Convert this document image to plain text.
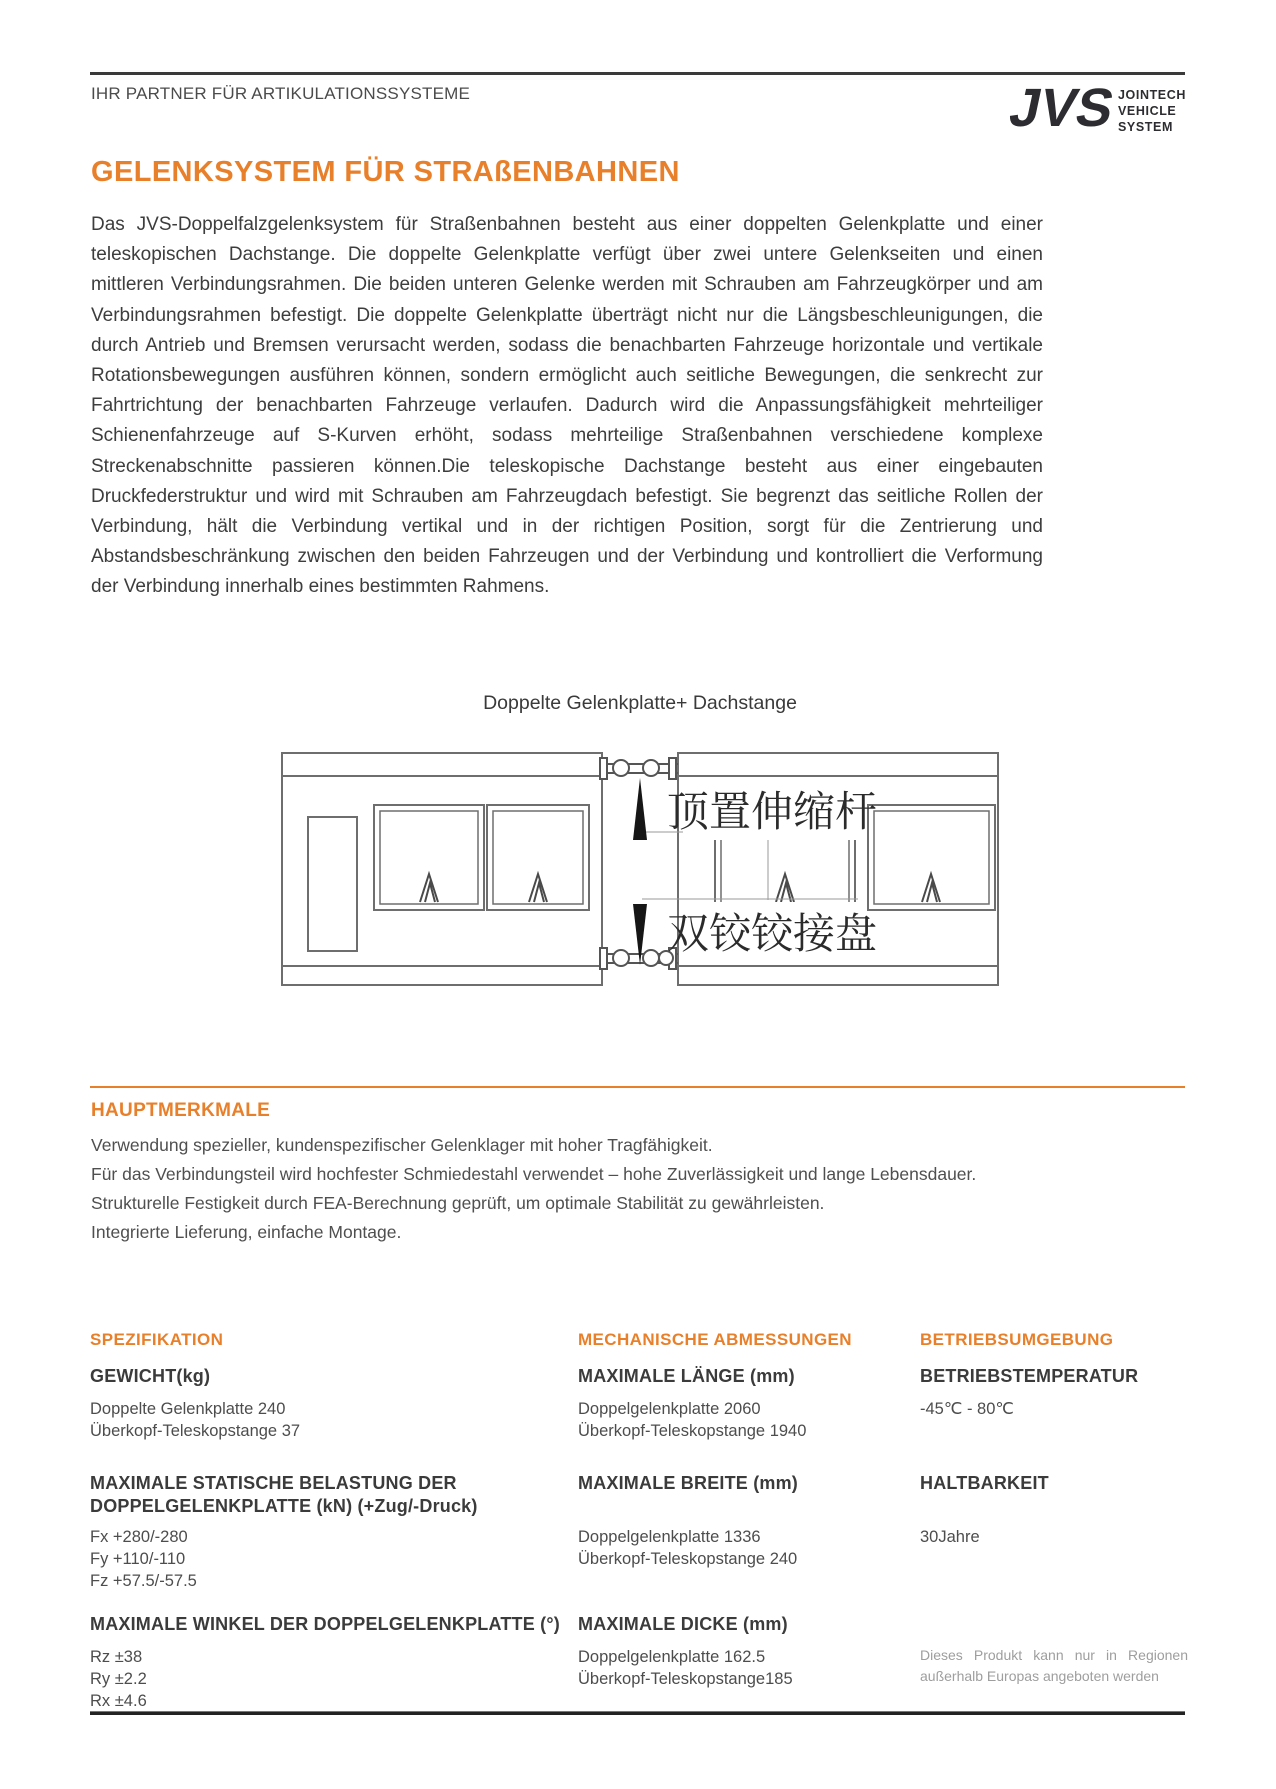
IHR PARTNER FÜR ARTIKULATIONSSYSTEME	JVS
JOINTECH
VEHICLE
SYSTEM
GELENKSYSTEM FÜR STRAßENBAHNEN
Das JVS-Doppelfalzgelenksystem für Straßenbahnen besteht aus einer doppelten Gelenkplatte und einer teleskopischen Dachstange. Die doppelte Gelenkplatte verfügt über zwei untere Gelenkseiten und einen mittleren Verbindungsrahmen. Die beiden unteren Gelenke werden mit Schrauben am Fahrzeugkörper und am Verbindungsrahmen befestigt. Die doppelte Gelenkplatte überträgt nicht nur die Längsbeschleunigungen, die durch Antrieb und Bremsen verursacht werden, sodass die benachbarten Fahrzeuge horizontale und vertikale Rotationsbewegungen ausführen können, sondern ermöglicht auch seitliche Bewegungen, die senkrecht zur Fahrtrichtung der benachbarten Fahrzeuge verlaufen. Dadurch wird die Anpassungsfähigkeit mehrteiliger Schienenfahrzeuge auf S-Kurven erhöht, sodass mehrteilige Straßenbahnen verschiedene komplexe Streckenabschnitte passieren können.Die teleskopische Dachstange besteht aus einer eingebauten Druckfederstruktur und wird mit Schrauben am Fahrzeugdach befestigt. Sie begrenzt das seitliche Rollen der Verbindung, hält die Verbindung vertikal und in der richtigen Position, sorgt für die Zentrierung und Abstandsbeschränkung zwischen den beiden Fahrzeugen und der Verbindung und kontrolliert die Verformung der Verbindung innerhalb eines bestimmten Rahmens.
Doppelte Gelenkplatte+ Dachstange
顶置伸缩杆
双铰铰接盘
HAUPTMERKMALE
Verwendung spezieller, kundenspezifischer Gelenklager mit hoher Tragfähigkeit.
Für das Verbindungsteil wird hochfester Schmiedestahl verwendet – hohe Zuverlässigkeit und lange Lebensdauer.
Strukturelle Festigkeit durch FEA-Berechnung geprüft, um optimale Stabilität zu gewährleisten.
Integrierte Lieferung, einfache Montage.
SPEZIFIKATION
GEWICHT(kg)
Doppelte Gelenkplatte 240
Überkopf-Teleskopstange 37
MAXIMALE STATISCHE BELASTUNG DER DOPPELGELENKPLATTE (kN) (+Zug/-Druck)
Fx +280/-280
Fy +110/-110
Fz +57.5/-57.5
MAXIMALE WINKEL DER DOPPELGELENKPLATTE (°)
Rz ±38
Ry ±2.2
Rx ±4.6
MECHANISCHE ABMESSUNGEN
MAXIMALE LÄNGE (mm)
Doppelgelenkplatte 2060
Überkopf-Teleskopstange 1940
MAXIMALE BREITE (mm)
Doppelgelenkplatte 1336
Überkopf-Teleskopstange 240
MAXIMALE DICKE (mm)
Doppelgelenkplatte 162.5
Überkopf-Teleskopstange185
BETRIEBSUMGEBUNG
BETRIEBSTEMPERATUR
-45℃ - 80℃
HALTBARKEIT
30Jahre
Dieses Produkt kann nur in Regionen außerhalb Europas angeboten werden
